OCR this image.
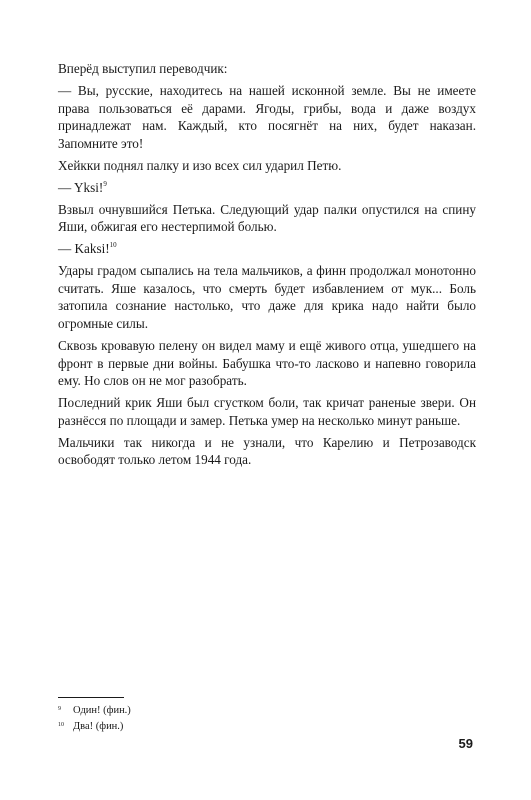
Вперёд выступил переводчик:

— Вы, русские, находитесь на нашей исконной земле. Вы не имеете права пользоваться её дарами. Ягоды, грибы, вода и даже воздух принадлежат нам. Каждый, кто посягнёт на них, будет наказан. Запомните это!

Хейкки поднял палку и изо всех сил ударил Петю.

— Yksi!$^9$

Взвыл очнувшийся Петька. Следующий удар палки опустился на спину Яши, обжигая его нестерпимой болью.

— Kaksi!$^{10}$

Удары градом сыпались на тела мальчиков, а финн продолжал монотонно считать. Яше казалось, что смерть будет избавлением от мук... Боль затопила сознание настолько, что даже для крика надо найти было огромные силы.

Сквозь кровавую пелену он видел маму и ещё живого отца, ушедшего на фронт в первые дни войны. Бабушка что-то ласково и напевно говорила ему. Но слов он не мог разобрать.

Последний крик Яши был сгустком боли, так кричат раненые звери. Он разнёсся по площади и замер. Петька умер на несколько минут раньше.

Мальчики так никогда и не узнали, что Карелию и Петрозаводск освободят только летом 1944 года.

9	Один! (фин.)
10 Два! (фин.)
59
